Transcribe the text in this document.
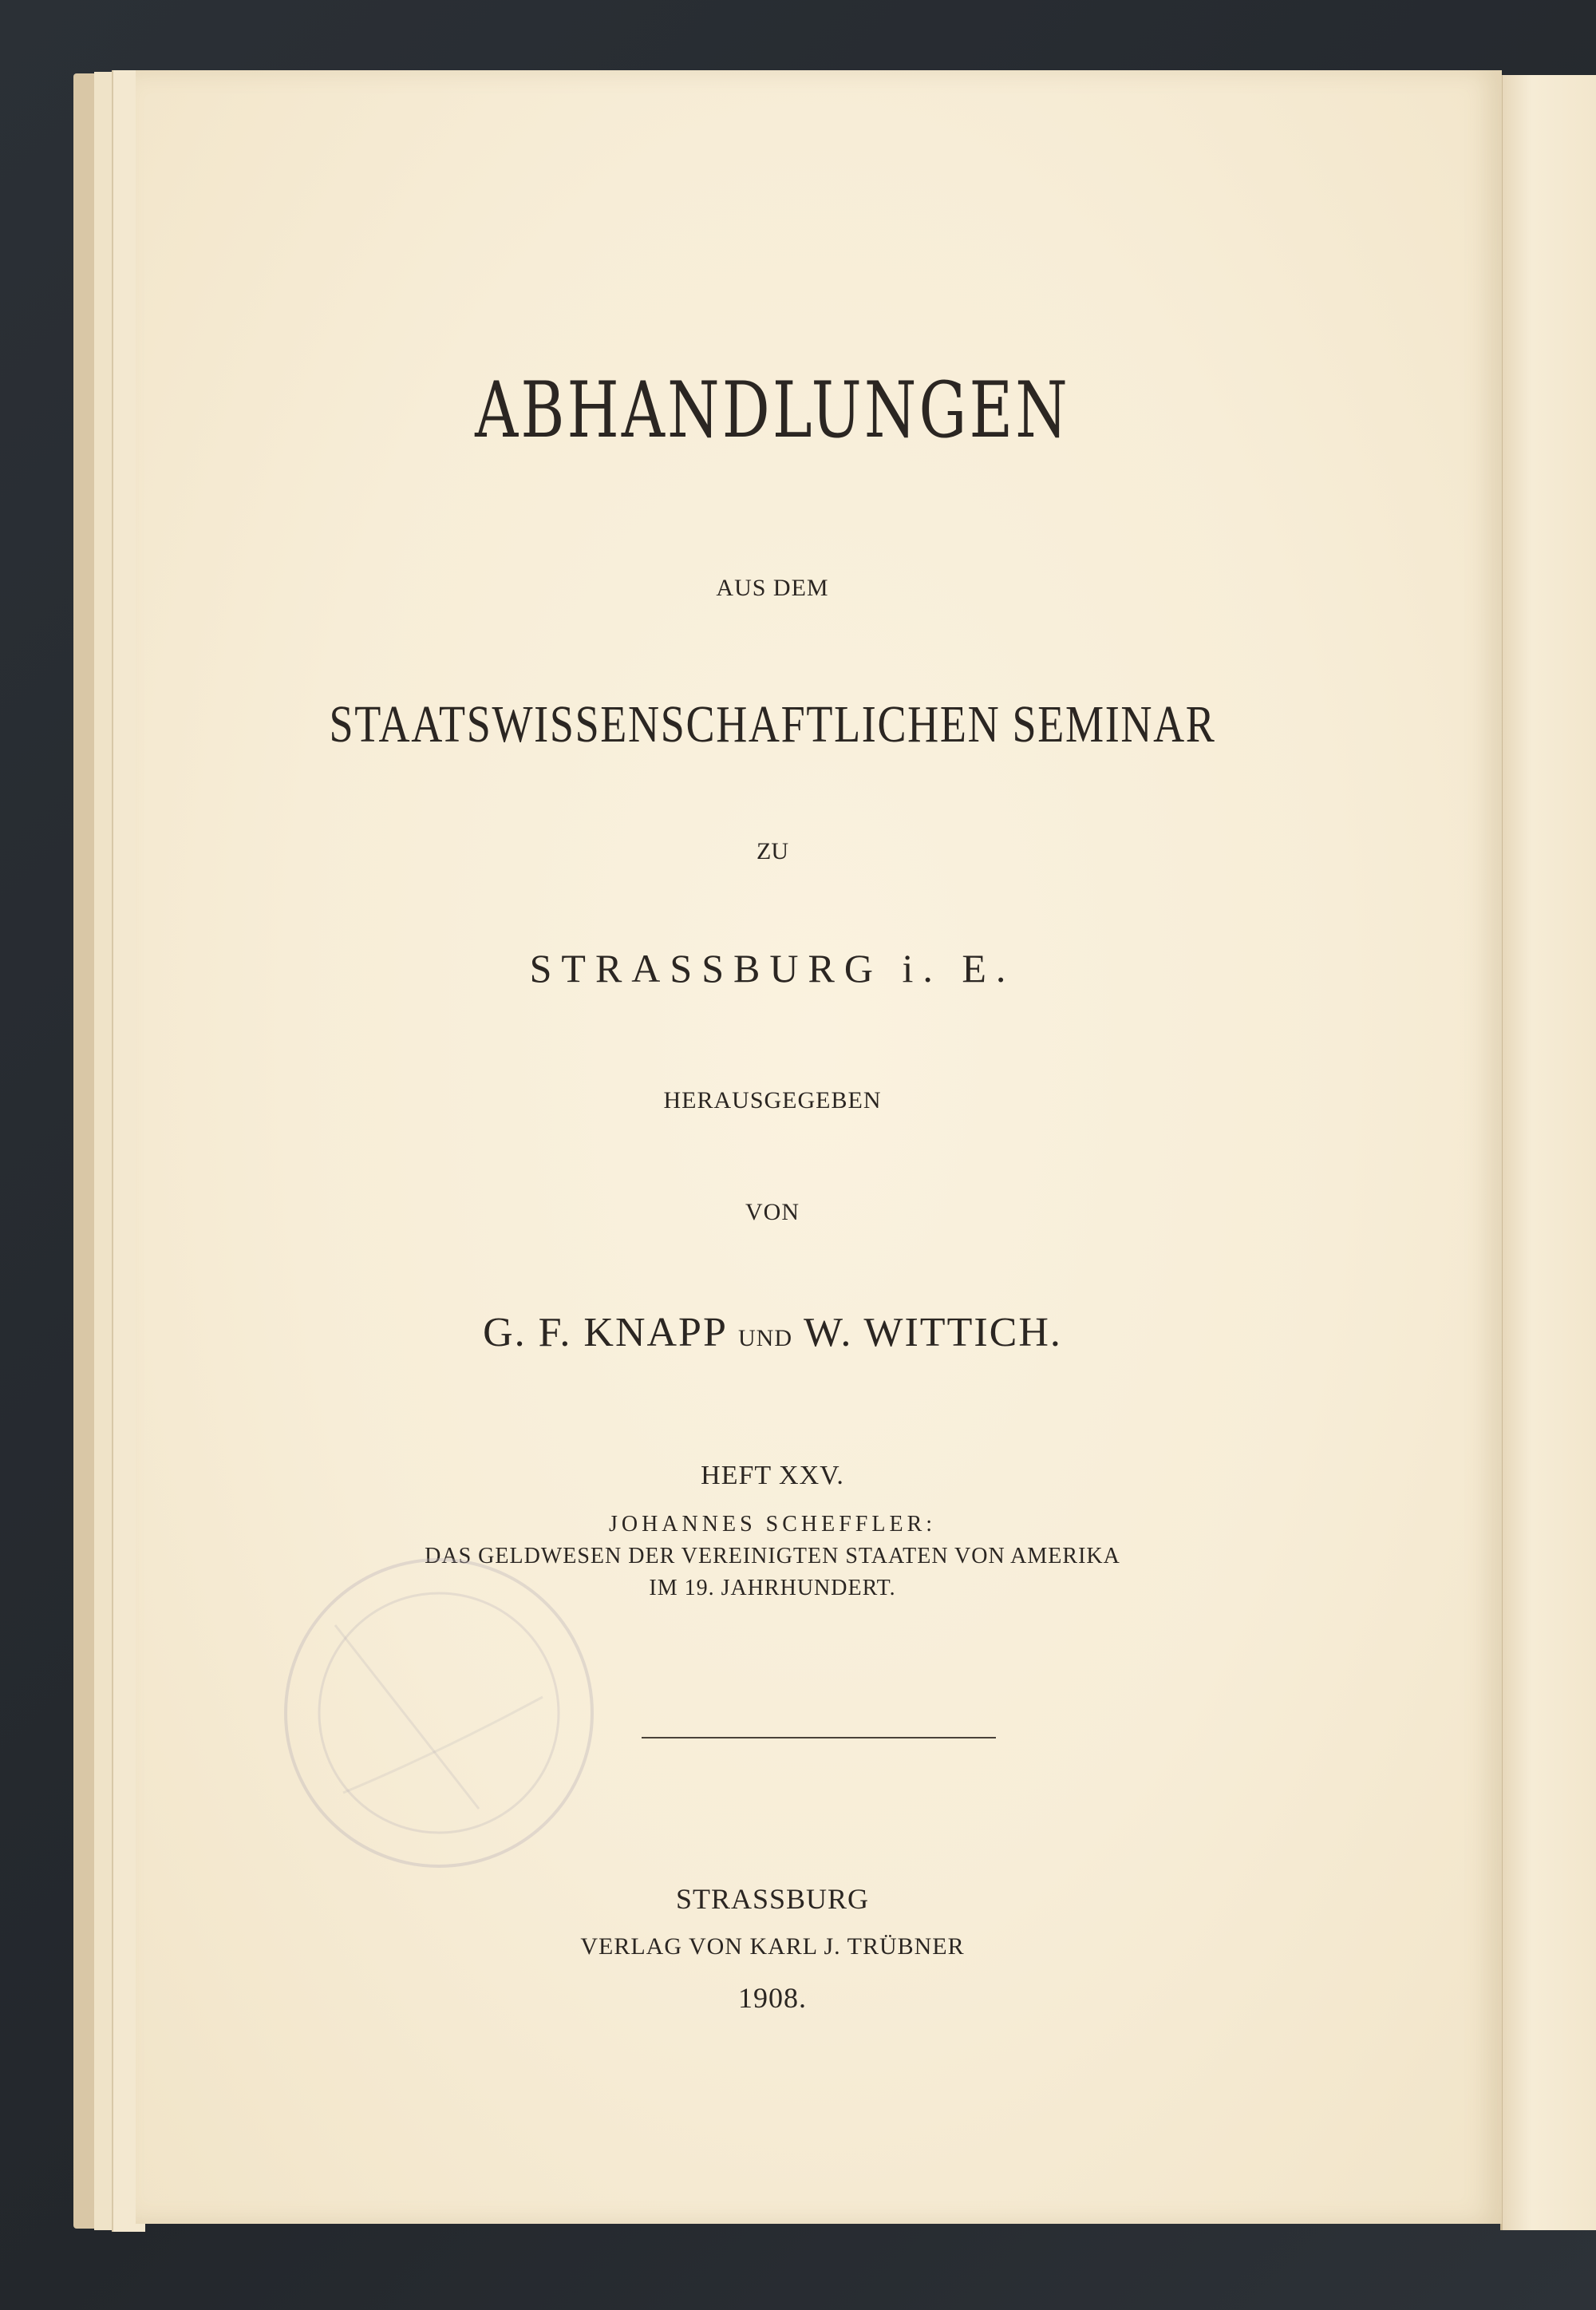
ABHANDLUNGEN
AUS DEM
STAATSWISSENSCHAFTLICHEN SEMINAR
ZU
STRASSBURG i. E.
HERAUSGEGEBEN
VON
G. F. KNAPP UND W. WITTICH.
HEFT XXV.
JOHANNES SCHEFFLER:
DAS GELDWESEN DER VEREINIGTEN STAATEN VON AMERIKA
IM 19. JAHRHUNDERT.
STRASSBURG
VERLAG VON KARL J. TRÜBNER
1908.
